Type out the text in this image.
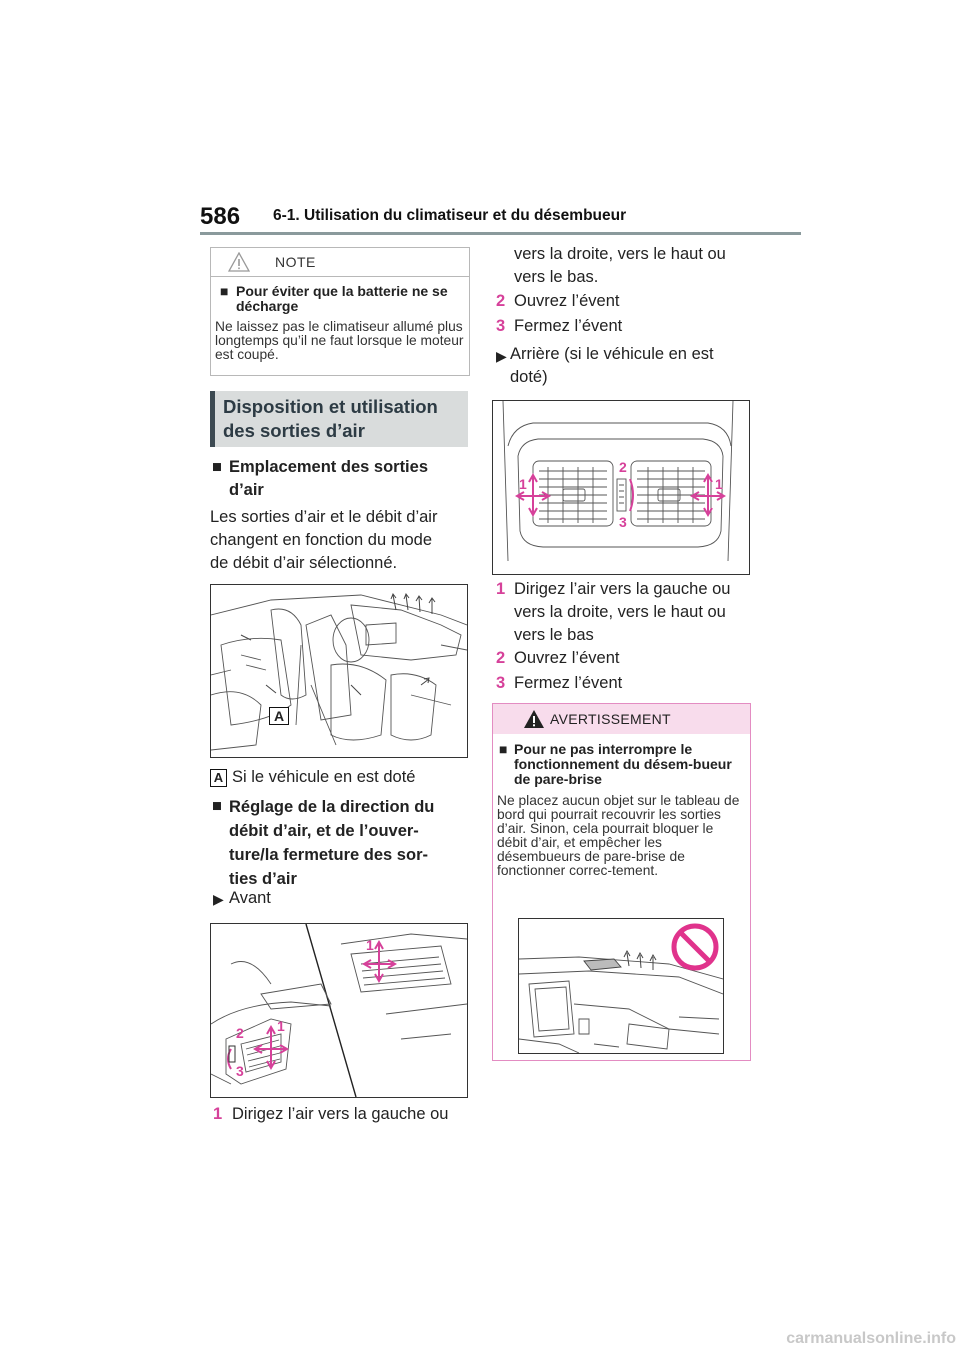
586 6-1. Utilisation du climatiseur et du désembueur
NOTE
■ Pour éviter que la batterie ne se décharge
Ne laissez pas le climatiseur allumé plus longtemps qu’il ne faut lorsque le moteur est coupé.
Disposition et utilisation
des sorties d’air
■ Emplacement des sorties
d’air
Les sorties d’air et le débit d’air
changent en fonction du mode
de débit d’air sélectionné.
A
A Si le véhicule en est doté
■ Réglage de la direction du
débit d’air, et de l’ouver-
ture/la fermeture des sor-
ties d’air
▶ Avant
1
1
2
3
1 Dirigez l’air vers la gauche ou
vers la droite, vers le haut ou
vers le bas.
2 Ouvrez l’évent
3 Fermez l’évent
▶ Arrière (si le véhicule en est
doté)
1	1
2
3
1 Dirigez l’air vers la gauche ou
vers la droite, vers le haut ou
vers le bas
2 Ouvrez l’évent
3 Fermez l’évent
AVERTISSEMENT
■ Pour ne pas interrompre le fonctionnement du désem-bueur de pare-brise
Ne placez aucun objet sur le tableau de bord qui pourrait recouvrir les sorties d’air. Sinon, cela pourrait bloquer le débit d’air, et empêcher les désembueurs de pare-brise de fonctionner correc-tement.
carmanualsonline.info
